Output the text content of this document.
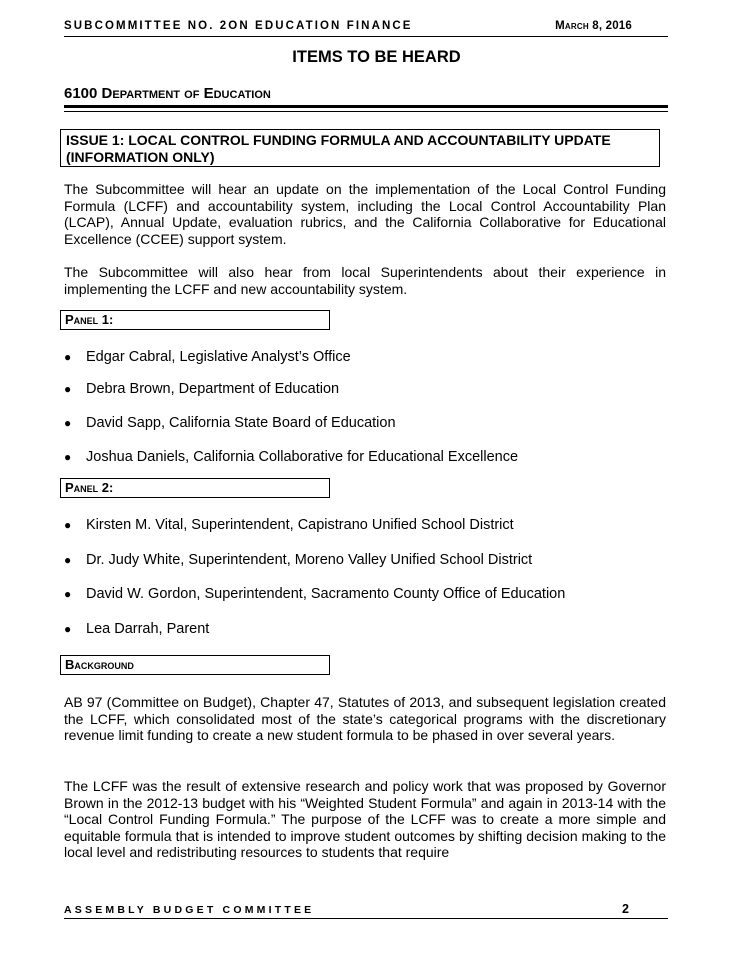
SUBCOMMITTEE NO. 2ON EDUCATION FINANCE	March 8, 2016
ITEMS TO BE HEARD
6100 Department of Education
ISSUE 1: LOCAL CONTROL FUNDING FORMULA AND ACCOUNTABILITY UPDATE
(INFORMATION ONLY)
The Subcommittee will hear an update on the implementation of the Local Control Funding Formula (LCFF) and accountability system, including the Local Control Accountability Plan (LCAP), Annual Update, evaluation rubrics, and the California Collaborative for Educational Excellence (CCEE) support system.
The Subcommittee will also hear from local Superintendents about their experience in implementing the LCFF and new accountability system.
Panel 1:
● Edgar Cabral, Legislative Analyst’s Office
● Debra Brown, Department of Education
● David Sapp, California State Board of Education
● Joshua Daniels, California Collaborative for Educational Excellence
Panel 2:
● Kirsten M. Vital, Superintendent, Capistrano Unified School District
● Dr. Judy White, Superintendent, Moreno Valley Unified School District
● David W. Gordon, Superintendent, Sacramento County Office of Education
● Lea Darrah, Parent
Background
AB 97 (Committee on Budget), Chapter 47, Statutes of 2013, and subsequent legislation created the LCFF, which consolidated most of the state’s categorical programs with the discretionary revenue limit funding to create a new student formula to be phased in over several years.
The LCFF was the result of extensive research and policy work that was proposed by Governor Brown in the 2012-13 budget with his “Weighted Student Formula” and again in 2013-14 with the “Local Control Funding Formula.” The purpose of the LCFF was to create a more simple and equitable formula that is intended to improve student outcomes by shifting decision making to the local level and redistributing resources to students that require
ASSEMBLY BUDGET COMMITTEE	2
